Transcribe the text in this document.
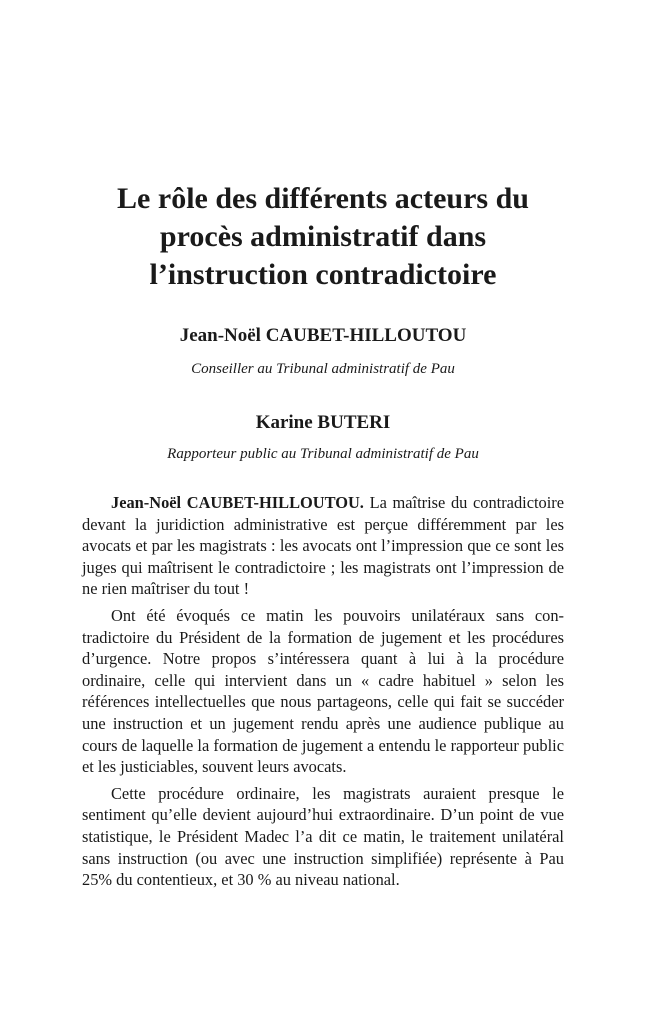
Le rôle des différents acteurs du
procès administratif dans
l’instruction contradictoire
Jean-Noël CAUBET-HILLOUTOU
Conseiller au Tribunal administratif de Pau
Karine BUTERI
Rapporteur public au Tribunal administratif de Pau

Jean-Noël CAUBET-HILLOUTOU. La maîtrise du contradictoire devant la juridiction administrative est perçue différemment par les avocats et par les magistrats : les avocats ont l’impression que ce sont les juges qui maîtrisent le contradictoire ; les magistrats ont l’impression de ne rien maîtriser du tout !

Ont été évoqués ce matin les pouvoirs unilatéraux sans contradictoire du Président de la formation de jugement et les procédures d’urgence. Notre propos s’intéressera quant à lui à la procédure ordinaire, celle qui intervient dans un « cadre habituel » selon les références intellectuelles que nous partageons, celle qui fait se succéder une instruction et un jugement rendu après une audience publique au cours de laquelle la formation de jugement a entendu le rapporteur public et les justiciables, souvent leurs avocats.

Cette procédure ordinaire, les magistrats auraient presque le sentiment qu’elle devient aujourd’hui extraordinaire. D’un point de vue statistique, le Président Madec l’a dit ce matin, le traitement unilatéral sans instruction (ou avec une instruction simplifiée) représente à Pau 25% du contentieux, et 30 % au niveau national.
